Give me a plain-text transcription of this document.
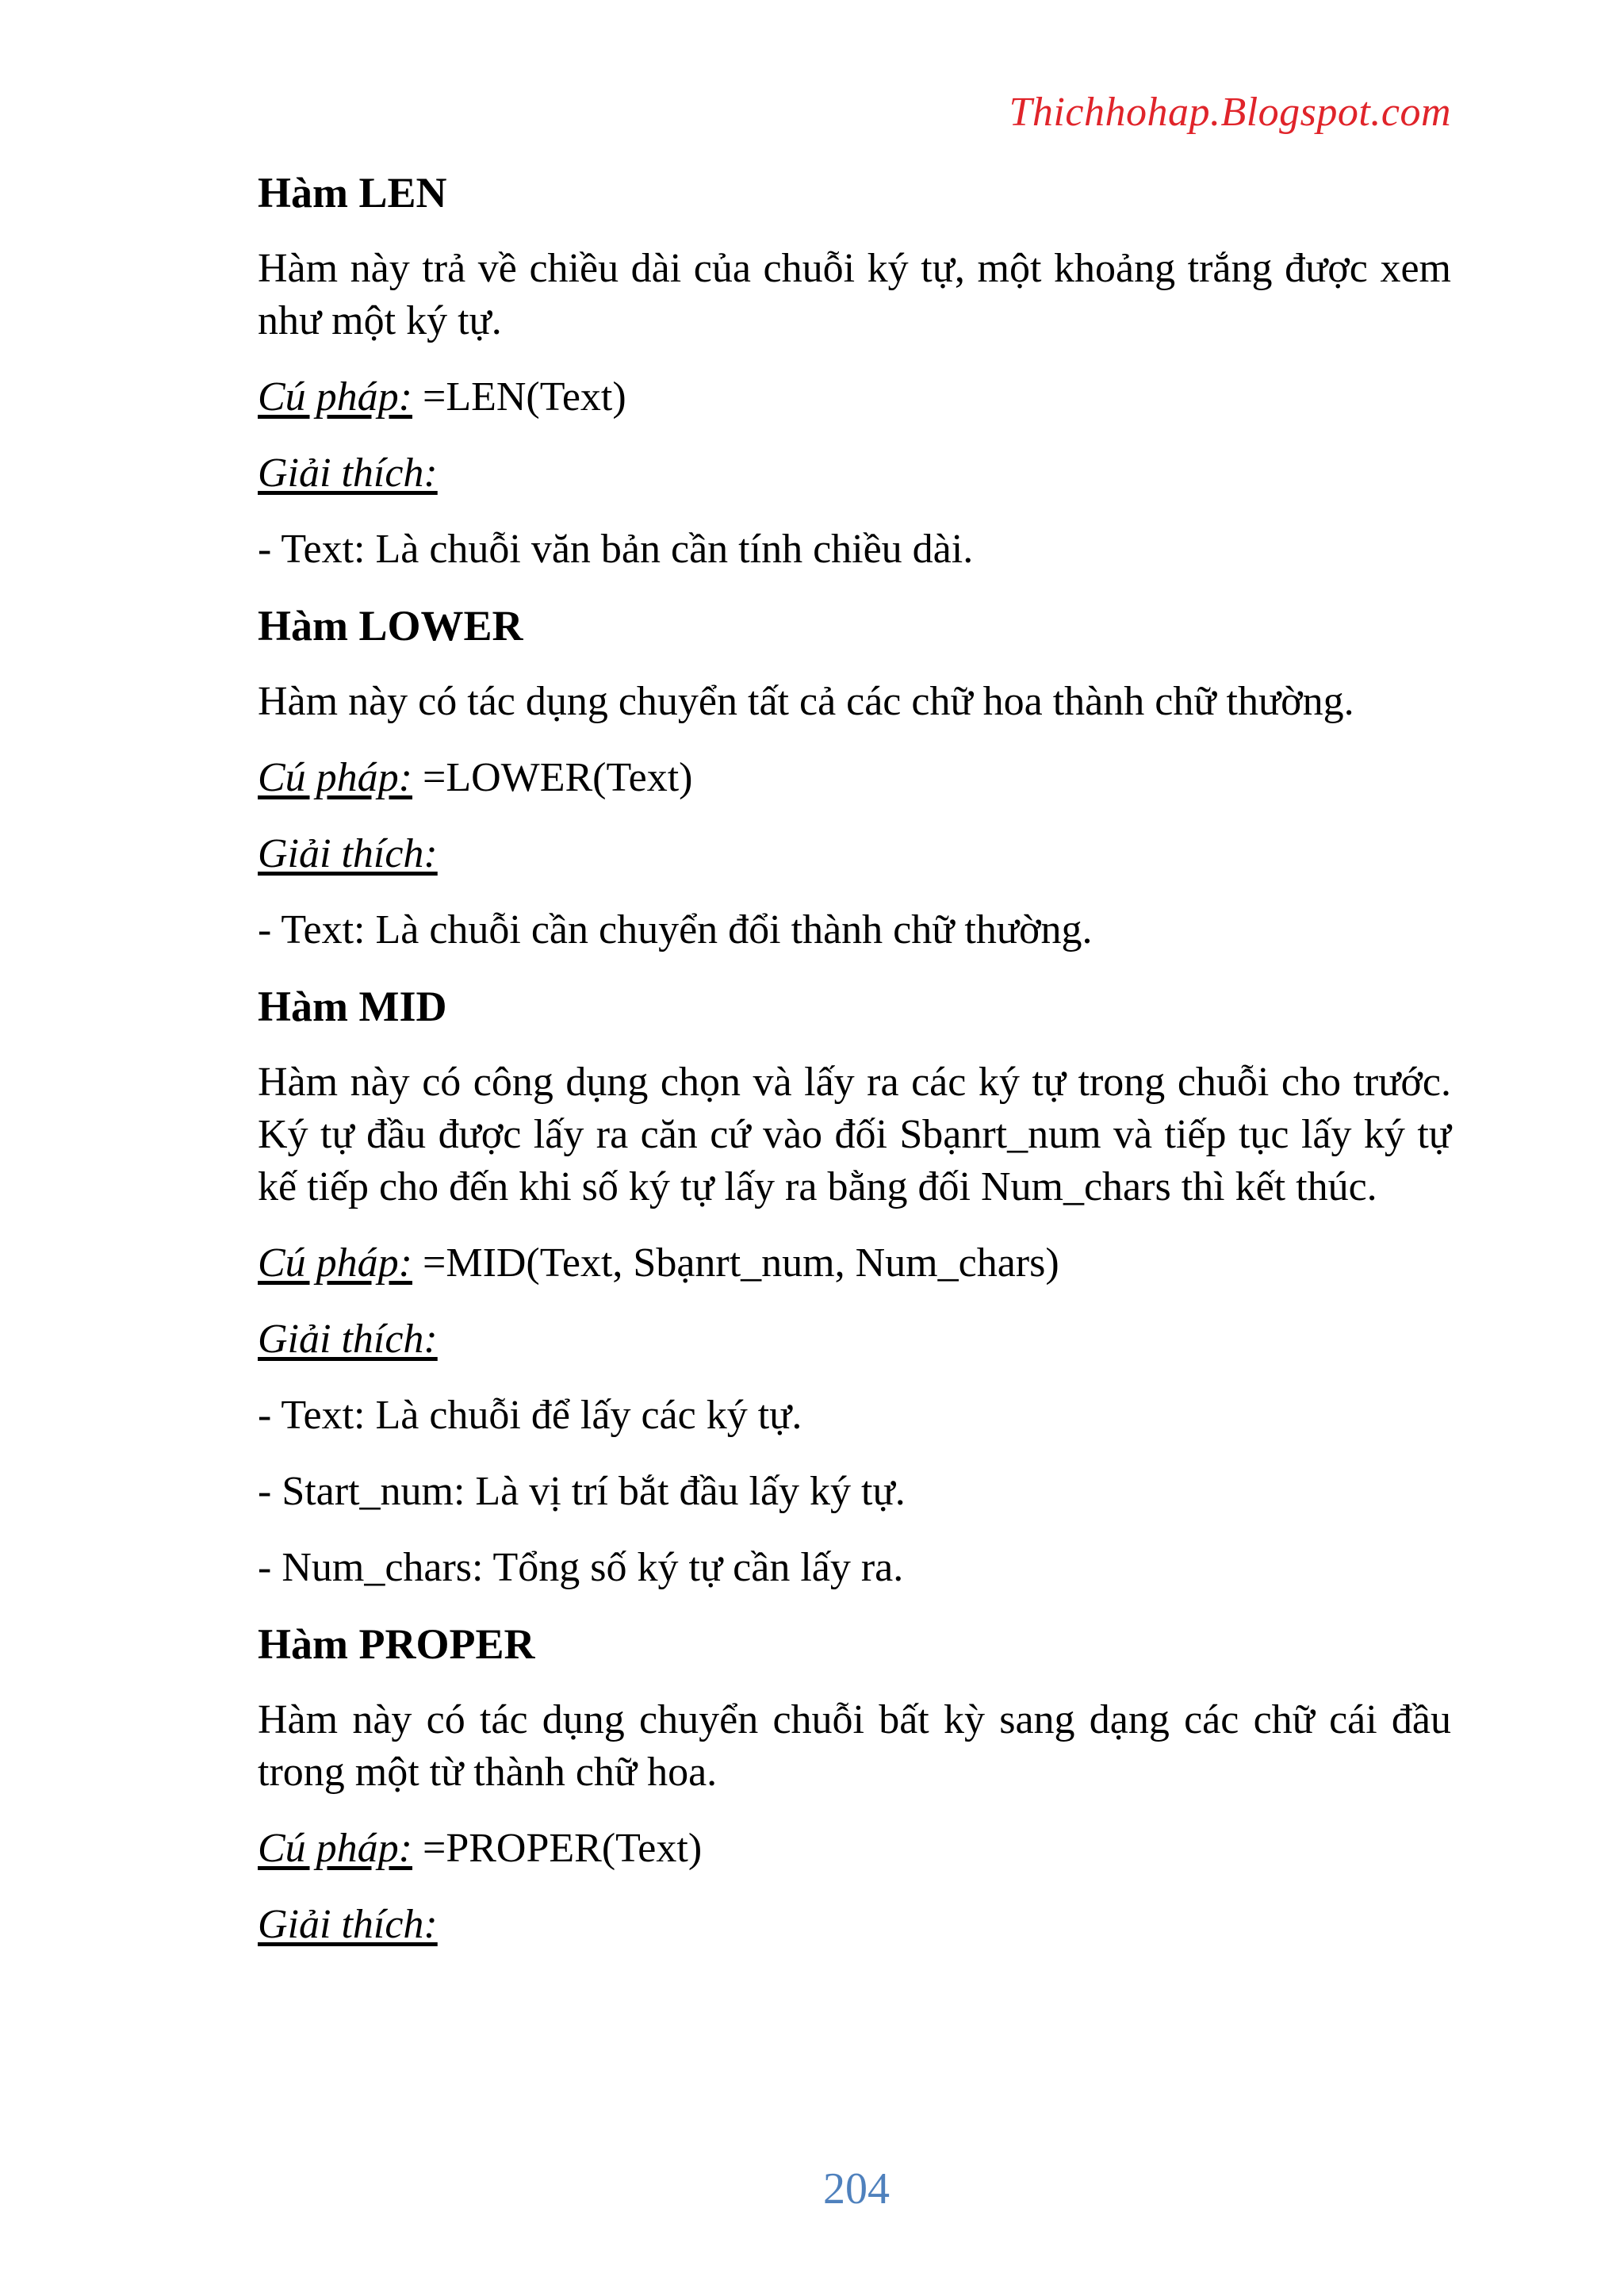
Thichhohap.Blogspot.com
Hàm LEN
Hàm này trả về chiều dài của chuỗi ký tự, một khoảng trắng được xem như một ký tự.
Cú pháp: =LEN(Text)
Giải thích:
- Text: Là chuỗi văn bản cần tính chiều dài.
Hàm LOWER
Hàm này có tác dụng chuyển tất cả các chữ hoa thành chữ thường.
Cú pháp: =LOWER(Text)
Giải thích:
- Text: Là chuỗi cần chuyển đổi thành chữ thường.
Hàm MID
Hàm này có công dụng chọn và lấy ra các ký tự trong chuỗi cho trước. Ký tự đầu được lấy ra căn cứ vào đối Sbạnrt_num và tiếp tục lấy ký tự kế tiếp cho đến khi số ký tự lấy ra bằng đối Num_chars thì kết thúc.
Cú pháp: =MID(Text, Sbạnrt_num, Num_chars)
Giải thích:
- Text: Là chuỗi để lấy các ký tự.
- Start_num: Là vị trí bắt đầu lấy ký tự.
- Num_chars: Tổng số ký tự cần lấy ra.
Hàm PROPER
Hàm này có tác dụng chuyển chuỗi bất kỳ sang dạng các chữ cái đầu trong một từ thành chữ hoa.
Cú pháp: =PROPER(Text)
Giải thích:
204
